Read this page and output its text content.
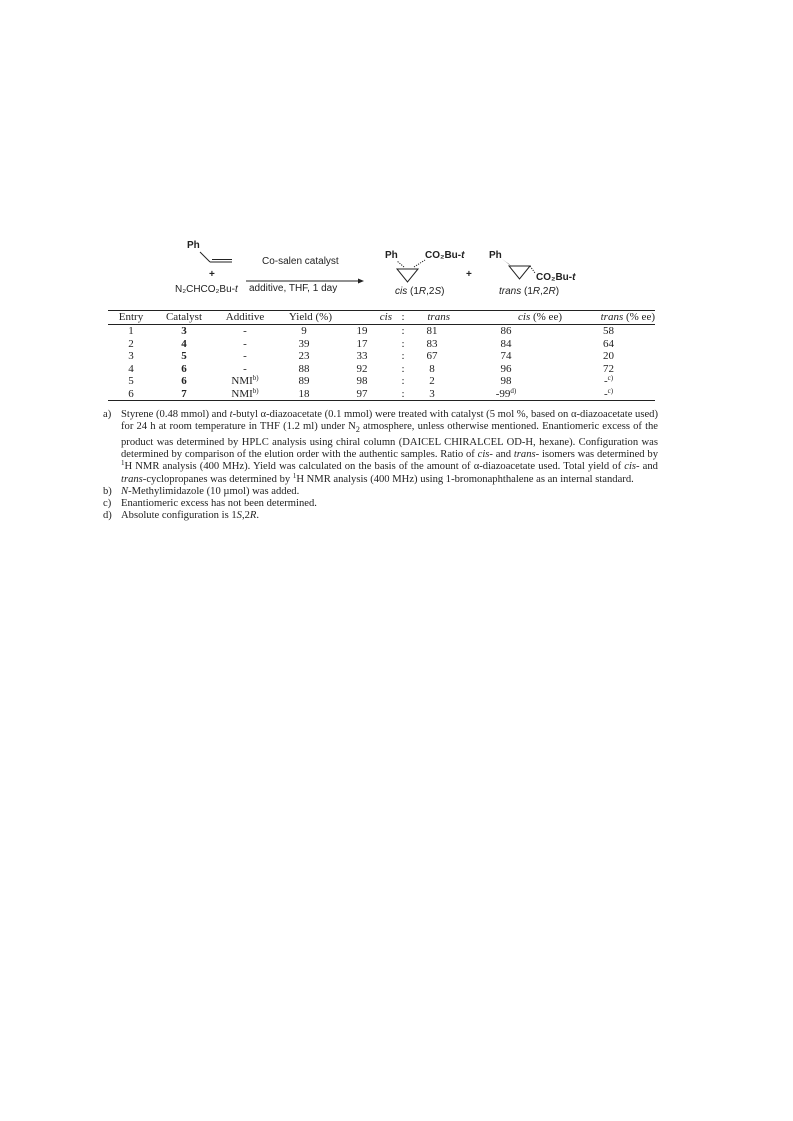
Ph
+
N₂CHCO₂Bu-t
Co-salen catalyst
additive, THF, 1 day
Ph	CO₂Bu-t
cis (1R,2S)
+
Ph
CO₂Bu-t
trans (1R,2R)
Entry	Catalyst	Additive	Yield (%)	cis	:	trans	cis (% ee)	trans (% ee)
1	3	-	9	19	:	81	86	58
2	4	-	39	17	:	83	84	64
3	5	-	23	33	:	67	74	20
4	6	-	88	92	:	8	96	72
5	6	NMI$^{b)}$	89	98	:	2	98	-$^{c)}$
6	7	NMI$^{b)}$	18	97	:	3	-99$^{d)}$	-$^{c)}$
a) Styrene (0.48 mmol) and t-butyl α-diazoacetate (0.1 mmol) were treated with catalyst (5 mol %, based on α-diazoacetate used) for 24 h at room temperature in THF (1.2 ml) under $N_2$ atmosphere, unless otherwise mentioned. Enantiomeric excess of the product was determined by HPLC analysis using chiral column (DAICEL CHIRALCEL OD-H, hexane). Configuration was determined by comparison of the elution order with the authentic samples. Ratio of cis- and trans- isomers was determined by $^1$H NMR analysis (400 MHz). Yield was calculated on the basis of the amount of α-diazoacetate used. Total yield of cis- and trans-cyclopropanes was determined by $^1$H NMR analysis (400 MHz) using 1-bromonaphthalene as an internal standard.
b) N-Methylimidazole (10 µmol) was added.
c) Enantiomeric excess has not been determined.
d) Absolute configuration is 1S,2R.
